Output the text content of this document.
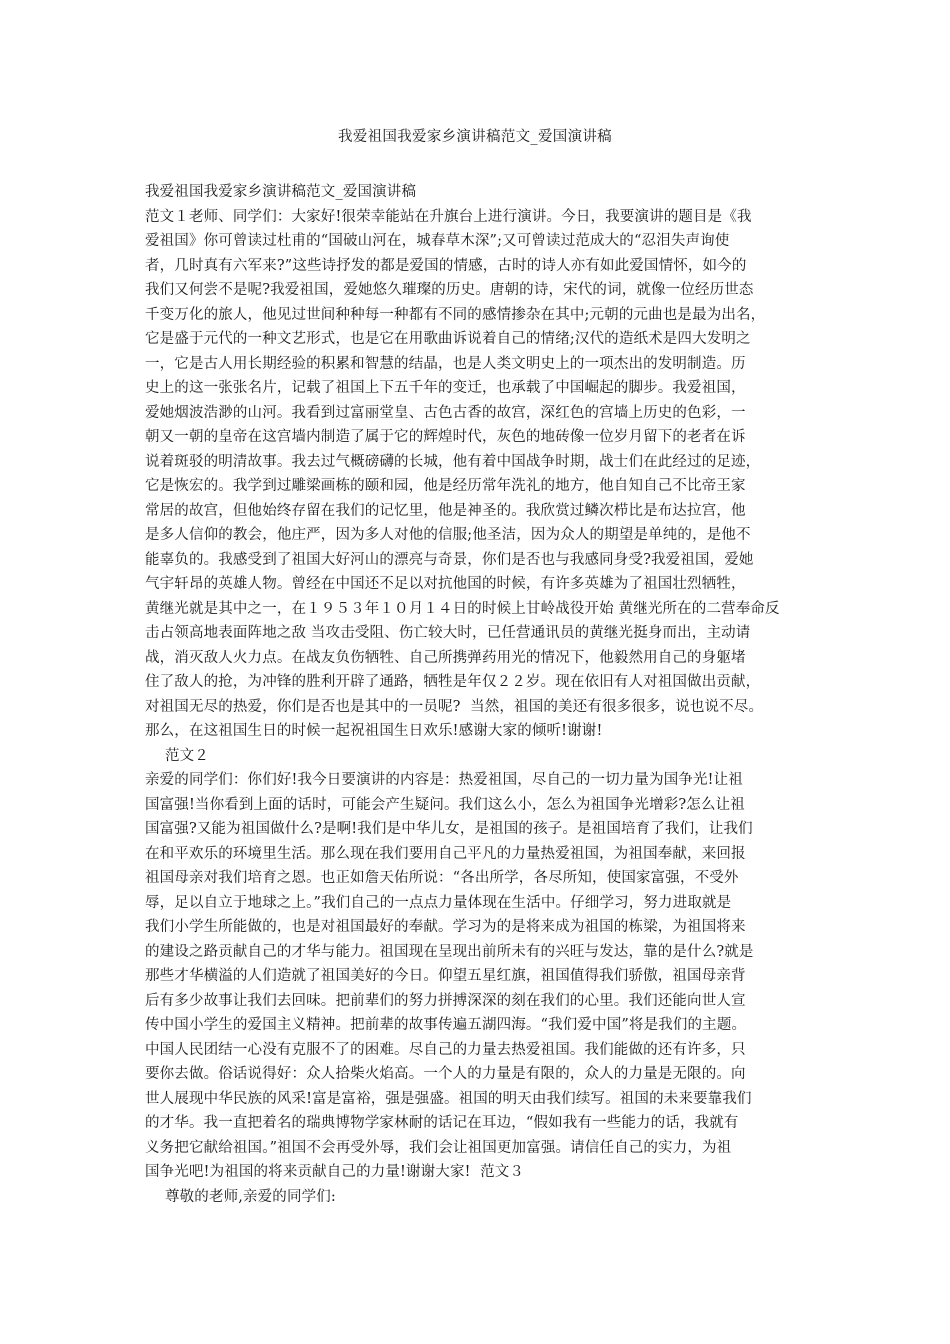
我爱祖国我爱家乡演讲稿范文_爱国演讲稿
我爱祖国我爱家乡演讲稿范文_爱国演讲稿
范文１老师、同学们：大家好!很荣幸能站在升旗台上进行演讲。今日，我要演讲的题目是《我
爱祖国》你可曾读过杜甫的“国破山河在，城春草木深”;又可曾读过范成大的“忍泪失声询使
者，几时真有六军来?”这些诗抒发的都是爱国的情感，古时的诗人亦有如此爱国情怀，如今的
我们又何尝不是呢?我爱祖国，爱她悠久璀璨的历史。唐朝的诗，宋代的词，就像一位经历世态
千变万化的旅人，他见过世间种种每一种都有不同的感情掺杂在其中;元朝的元曲也是最为出名，
它是盛于元代的一种文艺形式，也是它在用歌曲诉说着自己的情绪;汉代的造纸术是四大发明之
一，它是古人用长期经验的积累和智慧的结晶，也是人类文明史上的一项杰出的发明制造。历
史上的这一张张名片，记载了祖国上下五千年的变迁，也承载了中国崛起的脚步。我爱祖国，
爱她烟波浩渺的山河。我看到过富丽堂皇、古色古香的故宫，深红色的宫墙上历史的色彩，一
朝又一朝的皇帝在这宫墙内制造了属于它的辉煌时代，灰色的地砖像一位岁月留下的老者在诉
说着斑驳的明清故事。我去过气概磅礴的长城，他有着中国战争时期，战士们在此经过的足迹，
它是恢宏的。我学到过雕梁画栋的颐和园，他是经历常年洗礼的地方，他自知自己不比帝王家
常居的故宫，但他始终存留在我们的记忆里，他是神圣的。我欣赏过鳞次栉比是布达拉宫，他
是多人信仰的教会，他庄严，因为多人对他的信服;他圣洁，因为众人的期望是单纯的，是他不
能辜负的。我感受到了祖国大好河山的漂亮与奇景，你们是否也与我感同身受?我爱祖国，爱她
气宇轩昂的英雄人物。曾经在中国还不足以对抗他国的时候，有许多英雄为了祖国壮烈牺牲，
黄继光就是其中之一，在１９５３年１０月１４日的时候上甘岭战役开始 黄继光所在的二营奉命反
击占领高地表面阵地之敌 当攻击受阻、伤亡较大时，已任营通讯员的黄继光挺身而出，主动请
战，消灭敌人火力点。在战友负伤牺牲、自己所携弹药用光的情况下，他毅然用自己的身躯堵
住了敌人的抢，为冲锋的胜利开辟了通路，牺牲是年仅２２岁。现在依旧有人对祖国做出贡献，
对祖国无尽的热爱，你们是否也是其中的一员呢?  当然，祖国的美还有很多很多，说也说不尽。
那么，在这祖国生日的时候一起祝祖国生日欢乐!感谢大家的倾听!谢谢!
范文２
亲爱的同学们：你们好!我今日要演讲的内容是：热爱祖国，尽自己的一切力量为国争光!让祖
国富强!当你看到上面的话时，可能会产生疑问。我们这么小，怎么为祖国争光增彩?怎么让祖
国富强?又能为祖国做什么?是啊!我们是中华儿女，是祖国的孩子。是祖国培育了我们，让我们
在和平欢乐的环境里生活。那么现在我们要用自己平凡的力量热爱祖国，为祖国奉献，来回报
祖国母亲对我们培育之恩。也正如詹天佑所说：“各出所学，各尽所知，使国家富强，不受外
辱，足以自立于地球之上。”我们自己的一点点力量体现在生活中。仔细学习，努力进取就是
我们小学生所能做的，也是对祖国最好的奉献。学习为的是将来成为祖国的栋梁，为祖国将来
的建设之路贡献自己的才华与能力。祖国现在呈现出前所未有的兴旺与发达，靠的是什么?就是
那些才华横溢的人们造就了祖国美好的今日。仰望五星红旗，祖国值得我们骄傲，祖国母亲背
后有多少故事让我们去回味。把前辈们的努力拼搏深深的刻在我们的心里。我们还能向世人宣
传中国小学生的爱国主义精神。把前辈的故事传遍五湖四海。“我们爱中国”将是我们的主题。
中国人民团结一心没有克服不了的困难。尽自己的力量去热爱祖国。我们能做的还有许多，只
要你去做。俗话说得好：众人拾柴火焰高。一个人的力量是有限的，众人的力量是无限的。向
世人展现中华民族的风采!富是富裕，强是强盛。祖国的明天由我们续写。祖国的未来要靠我们
的才华。我一直把着名的瑞典博物学家林耐的话记在耳边，“假如我有一些能力的话，我就有
义务把它献给祖国。”祖国不会再受外辱，我们会让祖国更加富强。请信任自己的实力，为祖
国争光吧!为祖国的将来贡献自己的力量!谢谢大家!  范文３
尊敬的老师,亲爱的同学们:
